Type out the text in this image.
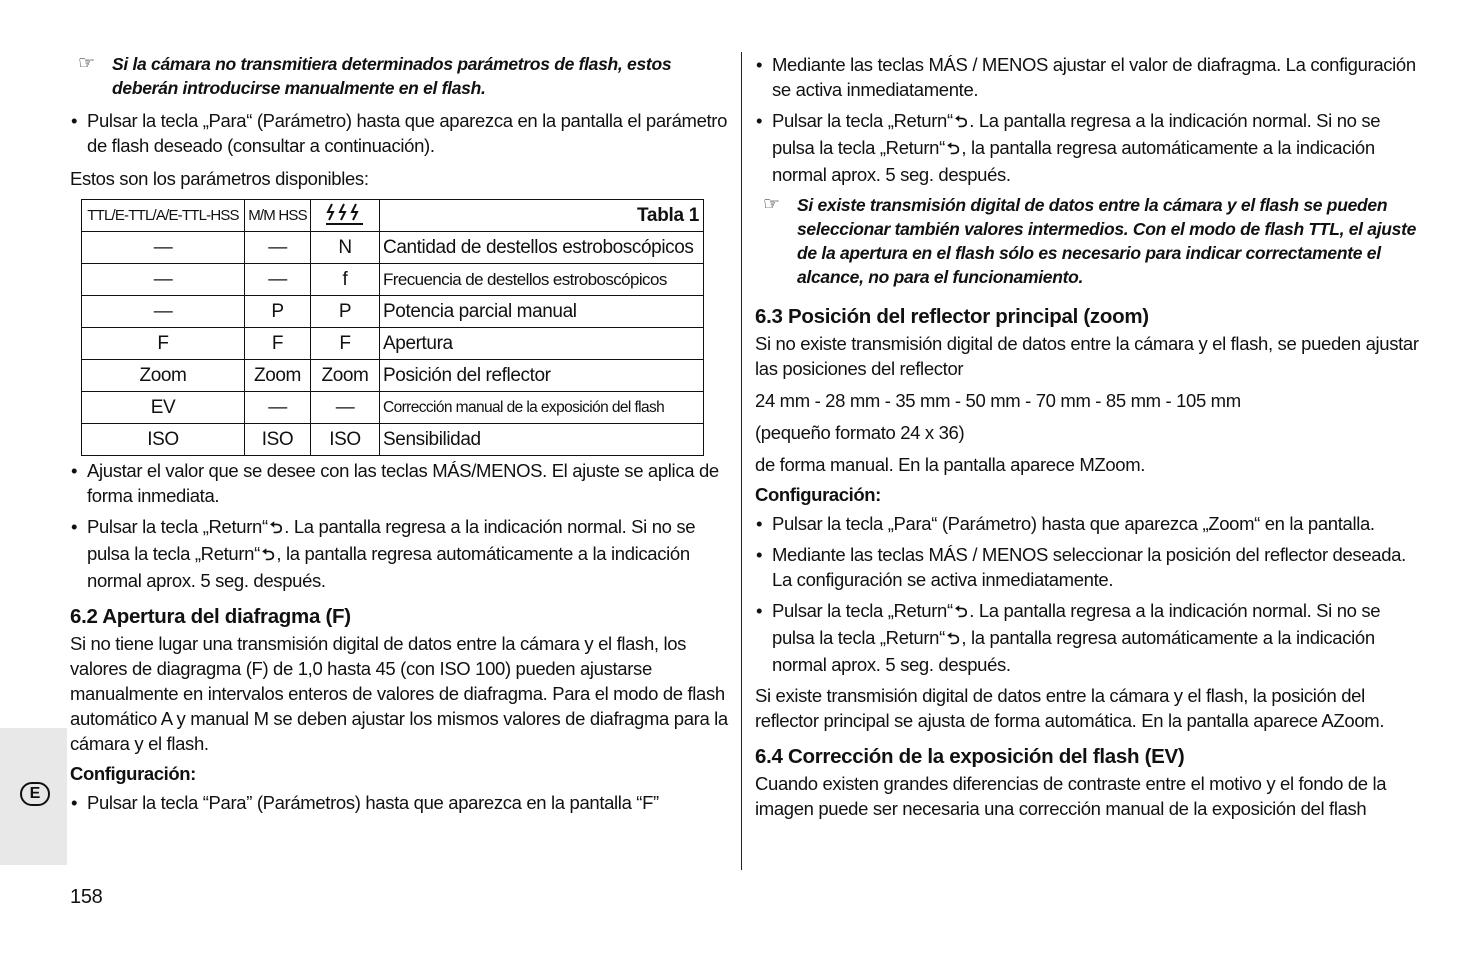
E

☞ Si la cámara no transmitiera determinados parámetros de flash, estos deberán introducirse manualmente en el flash.

• Pulsar la tecla „Para“ (Parámetro) hasta que aparezca en la pantalla el parámetro de flash deseado (consultar a continuación).

Estos son los parámetros disponibles:

TTL/E-TTL/A/E-TTL-HSS	M/M HSS		Tabla 1
—	—	N	Cantidad de destellos estroboscópicos
—	—	f	Frecuencia de destellos estroboscópicos
—	P	P	Potencia parcial manual
F	F	F	Apertura
Zoom	Zoom	Zoom	Posición del reflector
EV	—	—	Corrección manual de la exposición del flash
ISO	ISO	ISO	Sensibilidad

• Ajustar el valor que se desee con las teclas MÁS/MENOS. El ajuste se aplica de forma inmediata.

• Pulsar la tecla „Return“ ⮌ . La pantalla regresa a la indicación normal. Si no se pulsa la tecla „Return“ ⮌ , la pantalla regresa automáticamente a la indicación normal aprox. 5 seg. después.

6.2 Apertura del diafragma (F)

Si no tiene lugar una transmisión digital de datos entre la cámara y el flash, los valores de diagragma (F) de 1,0 hasta 45 (con ISO 100) pueden ajustarse manualmente en intervalos enteros de valores de diafragma. Para el modo de flash automático A y manual M se deben ajustar los mismos valores de diafragma para la cámara y el flash.

Configuración:

• Pulsar la tecla “Para” (Parámetros) hasta que aparezca en la pantalla “F”

• Mediante las teclas MÁS / MENOS ajustar el valor de diafragma. La configuración se activa inmediatamente.

• Pulsar la tecla „Return“ ⮌ . La pantalla regresa a la indicación normal. Si no se pulsa la tecla „Return“ ⮌ , la pantalla regresa automáticamente a la indicación normal aprox. 5 seg. después.

☞ Si existe transmisión digital de datos entre la cámara y el flash se pueden seleccionar también valores intermedios. Con el modo de flash TTL, el ajuste de la apertura en el flash sólo es necesario para indicar correctamente el alcance, no para el funcionamiento.

6.3 Posición del reflector principal (zoom)

Si no existe transmisión digital de datos entre la cámara y el flash, se pueden ajustar las posiciones del reflector

24 mm - 28 mm - 35 mm - 50 mm - 70 mm - 85 mm - 105 mm

(pequeño formato 24 x 36)

de forma manual. En la pantalla aparece MZoom.

Configuración:

• Pulsar la tecla „Para“ (Parámetro) hasta que aparezca „Zoom“ en la pantalla.

• Mediante las teclas MÁS / MENOS seleccionar la posición del reflector deseada. La configuración se activa inmediatamente.

• Pulsar la tecla „Return“ ⮌ . La pantalla regresa a la indicación normal. Si no se pulsa la tecla „Return“ ⮌ , la pantalla regresa automáticamente a la indicación normal aprox. 5 seg. después.

Si existe transmisión digital de datos entre la cámara y el flash, la posición del reflector principal se ajusta de forma automática. En la pantalla aparece AZoom.

6.4 Corrección de la exposición del flash (EV)

Cuando existen grandes diferencias de contraste entre el motivo y el fondo de la imagen puede ser necesaria una corrección manual de la exposición del flash

158
